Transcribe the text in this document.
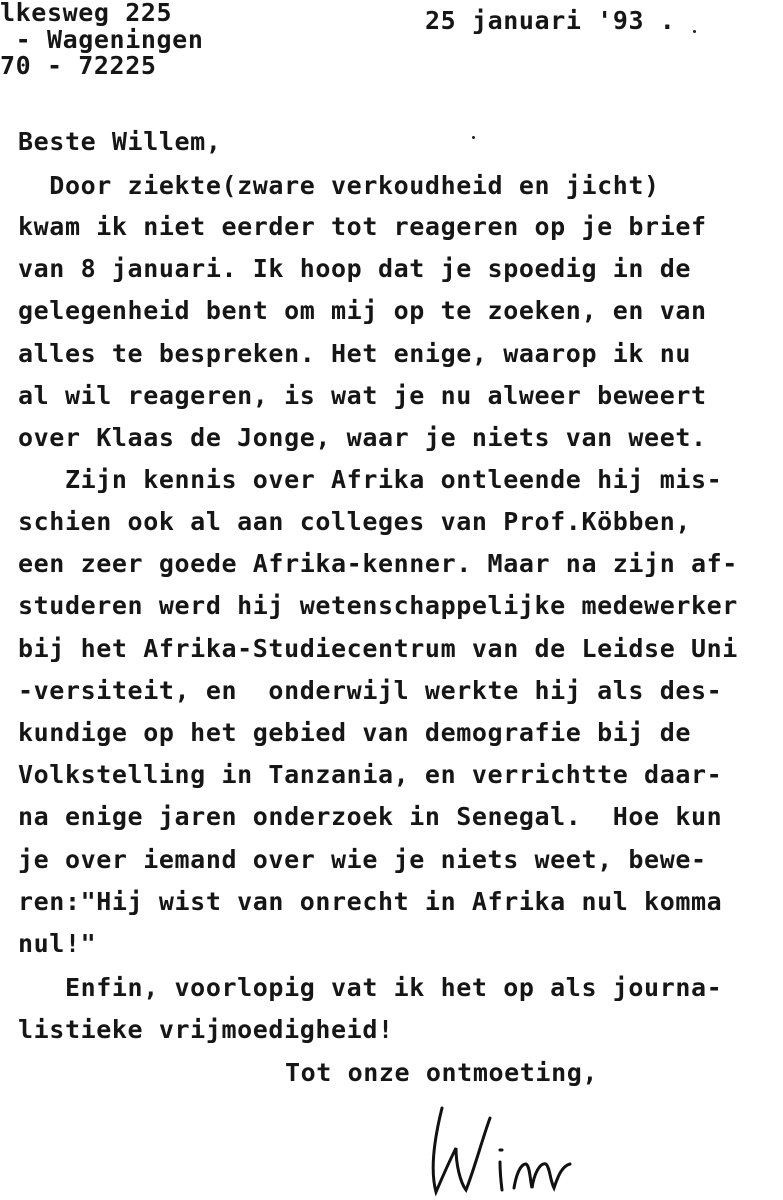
lkesweg 225
- Wageningen
70 - 72225
25 januari '93 .
Beste Willem,
Door ziekte(zware verkoudheid en jicht)
kwam ik niet eerder tot reageren op je brief
van 8 januari. Ik hoop dat je spoedig in de
gelegenheid bent om mij op te zoeken, en van
alles te bespreken. Het enige, waarop ik nu
al wil reageren, is wat je nu alweer beweert
over Klaas de Jonge, waar je niets van weet.
Zijn kennis over Afrika ontleende hij mis-
schien ook al aan colleges van Prof.Köbben,
een zeer goede Afrika-kenner. Maar na zijn af-
studeren werd hij wetenschappelijke medewerker
bij het Afrika-Studiecentrum van de Leidse Uni
-versiteit, en  onderwijl werkte hij als des-
kundige op het gebied van demografie bij de
Volkstelling in Tanzania, en verrichtte daar-
na enige jaren onderzoek in Senegal.  Hoe kun
je over iemand over wie je niets weet, bewe-
ren:"Hij wist van onrecht in Afrika nul komma
nul!"
Enfin, voorlopig vat ik het op als journa-
listieke vrijmoedigheid!
Tot onze ontmoeting,
